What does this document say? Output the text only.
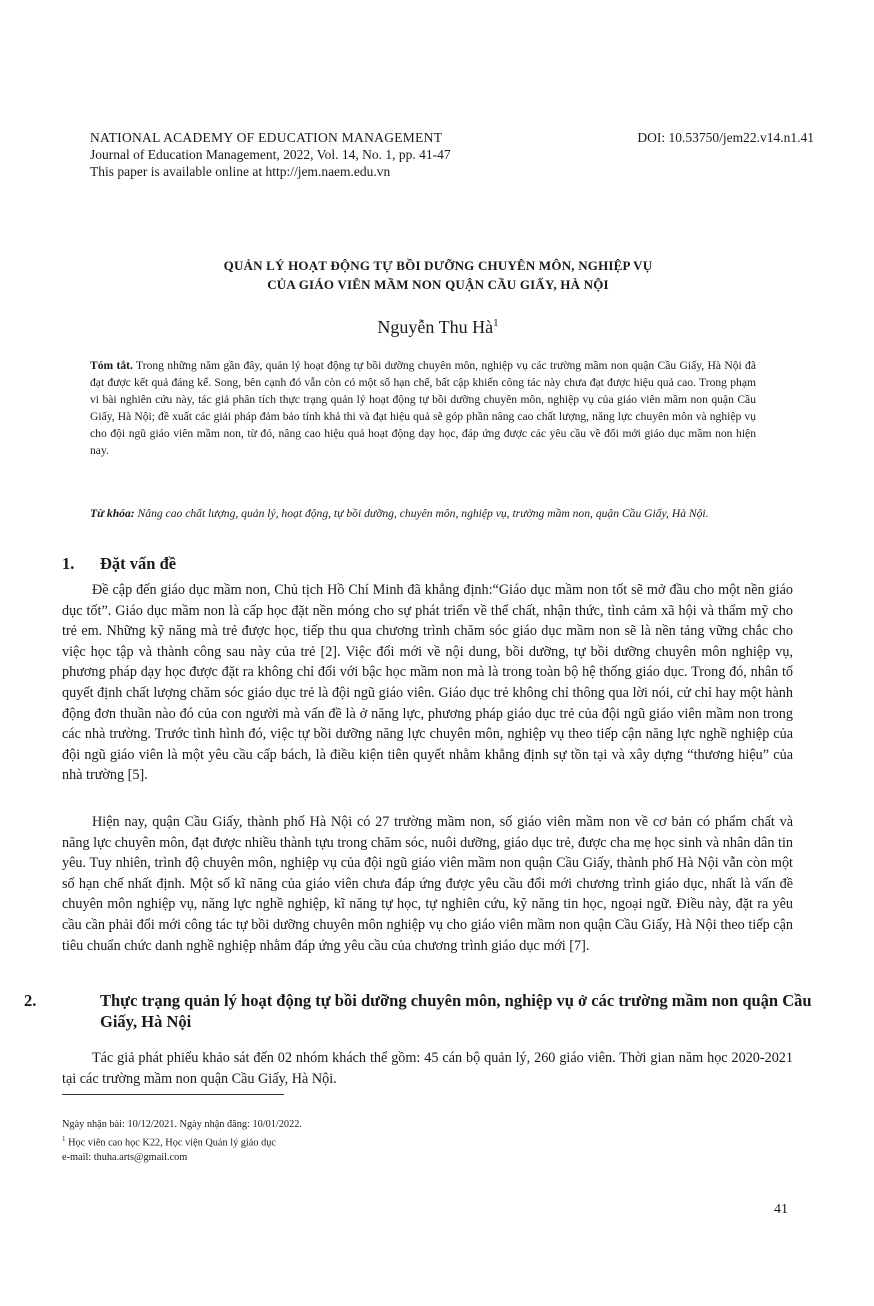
NATIONAL ACADEMY OF EDUCATION MANAGEMENT
Journal of Education Management, 2022, Vol. 14, No. 1, pp. 41-47
This paper is available online at http://jem.naem.edu.vn
DOI: 10.53750/jem22.v14.n1.41
QUẢN LÝ HOẠT ĐỘNG TỰ BỒI DƯỠNG CHUYÊN MÔN, NGHIỆP VỤ
CỦA GIÁO VIÊN MẦM NON QUẬN CẦU GIẤY, HÀ NỘI
Nguyễn Thu $Hà^1$
Tóm tắt. Trong những năm gần đây, quản lý hoạt động tự bồi dưỡng chuyên môn, nghiệp vụ các trường mầm non quận Cầu Giấy, Hà Nội đã đạt được kết quả đáng kể. Song, bên cạnh đó vẫn còn có một số hạn chế, bất cập khiến công tác này chưa đạt được hiệu quả cao. Trong phạm vi bài nghiên cứu này, tác giả phân tích thực trạng quản lý hoạt động tự bồi dưỡng chuyên môn, nghiệp vụ của giáo viên mầm non quận Cầu Giấy, Hà Nội; đề xuất các giải pháp đảm bảo tính khả thi và đạt hiệu quả sẽ góp phần nâng cao chất lượng, năng lực chuyên môn và nghiệp vụ cho đội ngũ giáo viên mầm non, từ đó, nâng cao hiệu quả hoạt động dạy học, đáp ứng được các yêu cầu về đổi mới giáo dục mầm non hiện nay.
Từ khóa: Nâng cao chất lượng, quản lý, hoạt động, tự bồi dưỡng, chuyên môn, nghiệp vụ, trường mầm non, quận Cầu Giấy, Hà Nội.
1. Đặt vấn đề

Đề cập đến giáo dục mầm non, Chủ tịch Hồ Chí Minh đã khẳng định:“Giáo dục mầm non tốt sẽ mở đầu cho một nền giáo dục tốt”. Giáo dục mầm non là cấp học đặt nền móng cho sự phát triển về thể chất, nhận thức, tình cảm xã hội và thẩm mỹ cho trẻ em. Những kỹ năng mà trẻ được học, tiếp thu qua chương trình chăm sóc giáo dục mầm non sẽ là nền tảng vững chắc cho việc học tập và thành công sau này của trẻ [2]. Việc đổi mới về nội dung, bồi dưỡng, tự bồi dưỡng chuyên môn nghiệp vụ, phương pháp dạy học được đặt ra không chỉ đối với bậc học mầm non mà là trong toàn bộ hệ thống giáo dục. Trong đó, nhân tố quyết định chất lượng chăm sóc giáo dục trẻ là đội ngũ giáo viên. Giáo dục trẻ không chỉ thông qua lời nói, cử chỉ hay một hành động đơn thuần nào đó của con người mà vấn đề là ở năng lực, phương pháp giáo dục trẻ của đội ngũ giáo viên mầm non trong các nhà trường. Trước tình hình đó, việc tự bồi dưỡng năng lực chuyên môn, nghiệp vụ theo tiếp cận năng lực nghề nghiệp của đội ngũ giáo viên là một yêu cầu cấp bách, là điều kiện tiên quyết nhằm khẳng định sự tồn tại và xây dựng “thương hiệu” của nhà trường [5].

Hiện nay, quận Cầu Giấy, thành phố Hà Nội có 27 trường mầm non, số giáo viên mầm non về cơ bản có phẩm chất và năng lực chuyên môn, đạt được nhiều thành tựu trong chăm sóc, nuôi dưỡng, giáo dục trẻ, được cha mẹ học sinh và nhân dân tin yêu. Tuy nhiên, trình độ chuyên môn, nghiệp vụ của đội ngũ giáo viên mầm non quận Cầu Giấy, thành phố Hà Nội vẫn còn một số hạn chế nhất định. Một số kĩ năng của giáo viên chưa đáp ứng được yêu cầu đổi mới chương trình giáo dục, nhất là vấn đề chuyên môn nghiệp vụ, năng lực nghề nghiệp, kĩ năng tự học, tự nghiên cứu, kỹ năng tin học, ngoại ngữ. Điều này, đặt ra yêu cầu cần phải đổi mới công tác tự bồi dưỡng chuyên môn nghiệp vụ cho giáo viên mầm non quận Cầu Giấy, Hà Nội theo tiếp cận tiêu chuẩn chức danh nghề nghiệp nhằm đáp ứng yêu cầu của chương trình giáo dục mới [7].

2.	Thực trạng quản lý hoạt động tự bồi dưỡng chuyên môn, nghiệp vụ ở các trường mầm non quận Cầu Giấy, Hà Nội

Tác giả phát phiếu khảo sát đến 02 nhóm khách thể gồm: 45 cán bộ quản lý, 260 giáo viên. Thời gian năm học 2020-2021 tại các trường mầm non quận Cầu Giấy, Hà Nội.

Ngày nhận bài: 10/12/2021. Ngày nhận đăng: 10/01/2022.
$^1$ Học viên cao học K22, Học viện Quản lý giáo dục
e-mail: thuha.arts@gmail.com
41
